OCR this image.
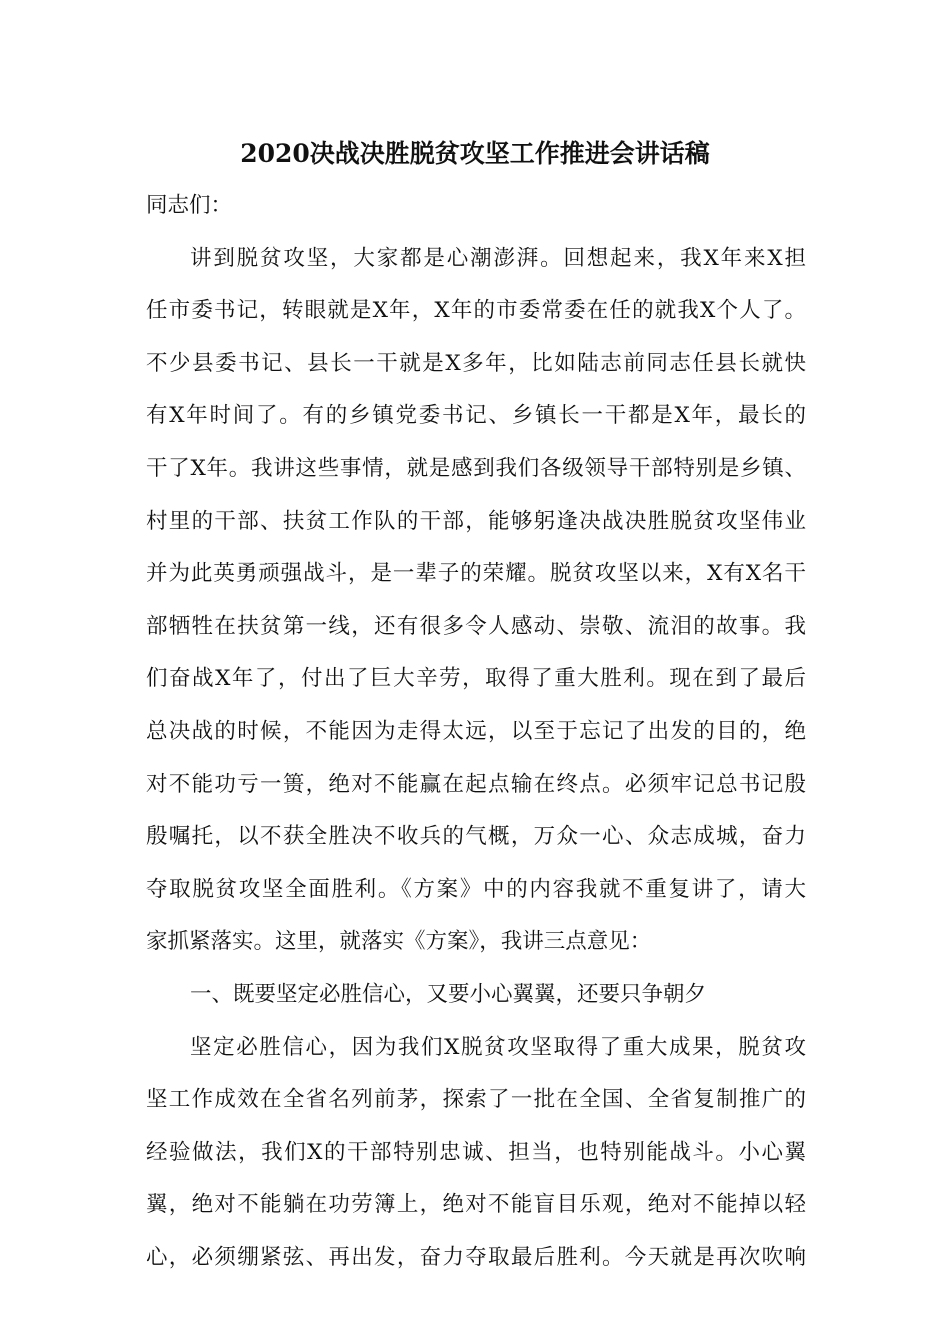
2020决战决胜脱贫攻坚工作推进会讲话稿
同志们：
讲到脱贫攻坚，大家都是心潮澎湃。回想起来，我X年来X担
任市委书记，转眼就是X年，X年的市委常委在任的就我X个人了。
不少县委书记、县长一干就是X多年，比如陆志前同志任县长就快
有X年时间了。有的乡镇党委书记、乡镇长一干都是X年，最长的
干了X年。我讲这些事情，就是感到我们各级领导干部特别是乡镇、
村里的干部、扶贫工作队的干部，能够躬逢决战决胜脱贫攻坚伟业
并为此英勇顽强战斗，是一辈子的荣耀。脱贫攻坚以来，X有X名干
部牺牲在扶贫第一线，还有很多令人感动、崇敬、流泪的故事。我
们奋战X年了，付出了巨大辛劳，取得了重大胜利。现在到了最后
总决战的时候，不能因为走得太远，以至于忘记了出发的目的，绝
对不能功亏一篑，绝对不能赢在起点输在终点。必须牢记总书记殷
殷嘱托，以不获全胜决不收兵的气概，万众一心、众志成城，奋力
夺取脱贫攻坚全面胜利。《方案》中的内容我就不重复讲了，请大
家抓紧落实。这里，就落实《方案》，我讲三点意见：
一、既要坚定必胜信心，又要小心翼翼，还要只争朝夕
坚定必胜信心，因为我们X脱贫攻坚取得了重大成果，脱贫攻
坚工作成效在全省名列前茅，探索了一批在全国、全省复制推广的
经验做法，我们X的干部特别忠诚、担当，也特别能战斗。小心翼
翼，绝对不能躺在功劳簿上，绝对不能盲目乐观，绝对不能掉以轻
心，必须绷紧弦、再出发，奋力夺取最后胜利。今天就是再次吹响
